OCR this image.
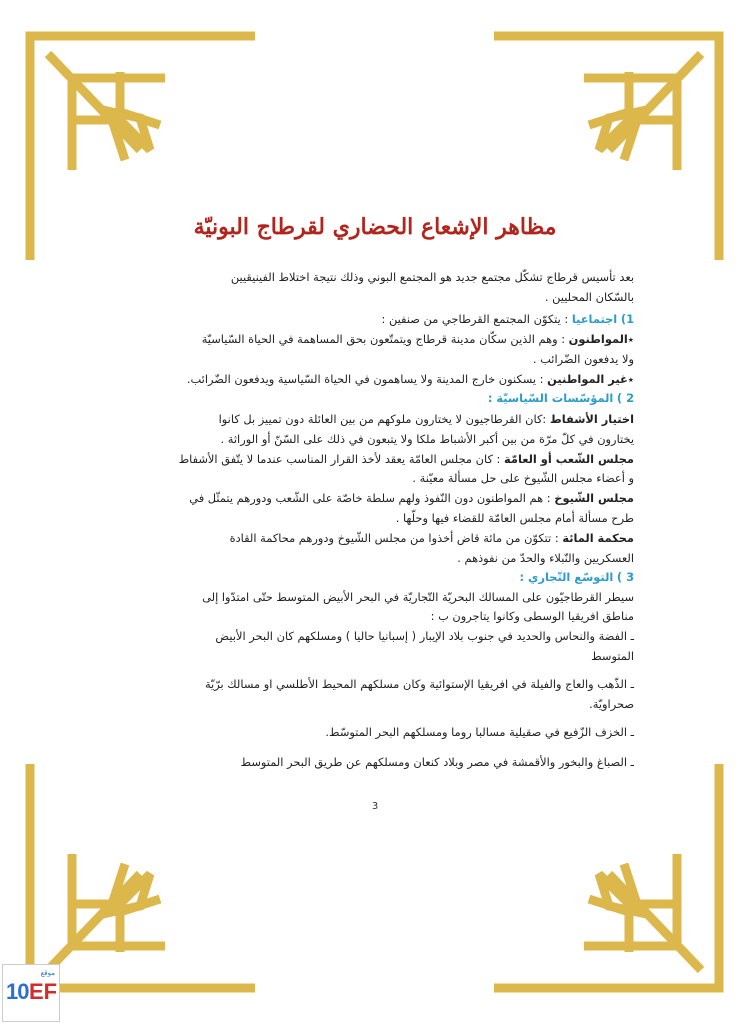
مظاهر الإشعاع الحضاري لقرطاج البونيّة
بعد تأسيس قرطاج تشكّل مجتمع جديد هو المجتمع البوني وذلك نتيجة اختلاط الفينيقيين
بالسّكان المحليين .
1) اجتماعيا : يتكوّن المجتمع القرطاجي من صنفين :
٭المواطنون : وهم الذين سكّان مدينة قرطاج ويتمتّعون بحق المساهمة في الحياة السّياسيّة
ولا يدفعون الضّرائب .
٭غير المواطنين : يسكنون خارج المدينة ولا يساهمون في الحياة السّياسية ويدفعون الضّرائب.
2 ) المؤسّسات السّياسيّة :
اختيار الأشفاط :كان القرطاجيون لا يختارون ملوكهم من بين العائلة دون تمييز بل كانوا
يختارون في كلّ مرّة من بين أكبر الأشباط ملكا ولا يتبعون في ذلك على السّنّ أو الوراثة .
مجلس الشّعب أو العامّة : كان مجلس العامّة يعقد لأخذ القرار المناسب عندما لا يتّفق الأشفاط
و أعضاء مجلس الشّيوخ على حل مسألة معيّنة .
مجلس الشّيوخ : هم المواطنون دون النّفوذ ولهم سلطة خاصّة على الشّعب ودورهم يتمثّل في
طرح مسألة أمام مجلس العامّة للقضاء فيها وحلّها .
محكمة المائة : تتكوّن من مائة قاض أخذوا من مجلس الشّيوخ ودورهم محاكمة القادة
العسكريين والنّبلاء والحدّ من نفوذهم .
3 ) التوسّع التّجاري :
سيطر القرطاجيّون على المسالك البحريّة التّجاريّة في البحر الأبيض المتوسط حتّى امتدّوا إلى
مناطق افريقيا الوسطى وكانوا يتاجرون ب :
ـ الفضة والنحاس والحديد في جنوب بلاد الإيبار ( إسبانيا حاليا ) ومسلكهم كان البحر الأبيض
المتوسط
ـ الذّهب والعاج والفيلة في افريقيا الإستوائية وكان مسلكهم المحيط الأطلسي او مسالك برّيّة
صحراويّة.
ـ الخزف الزّفيع في صقيلية مسالبا روما ومسلكهم البحر المتوسّط.
ـ الصباغ والبخور والأقمشة في مصر وبلاد كنعان ومسلكهم عن طريق البحر المتوسط
3
موقع
10 EF
